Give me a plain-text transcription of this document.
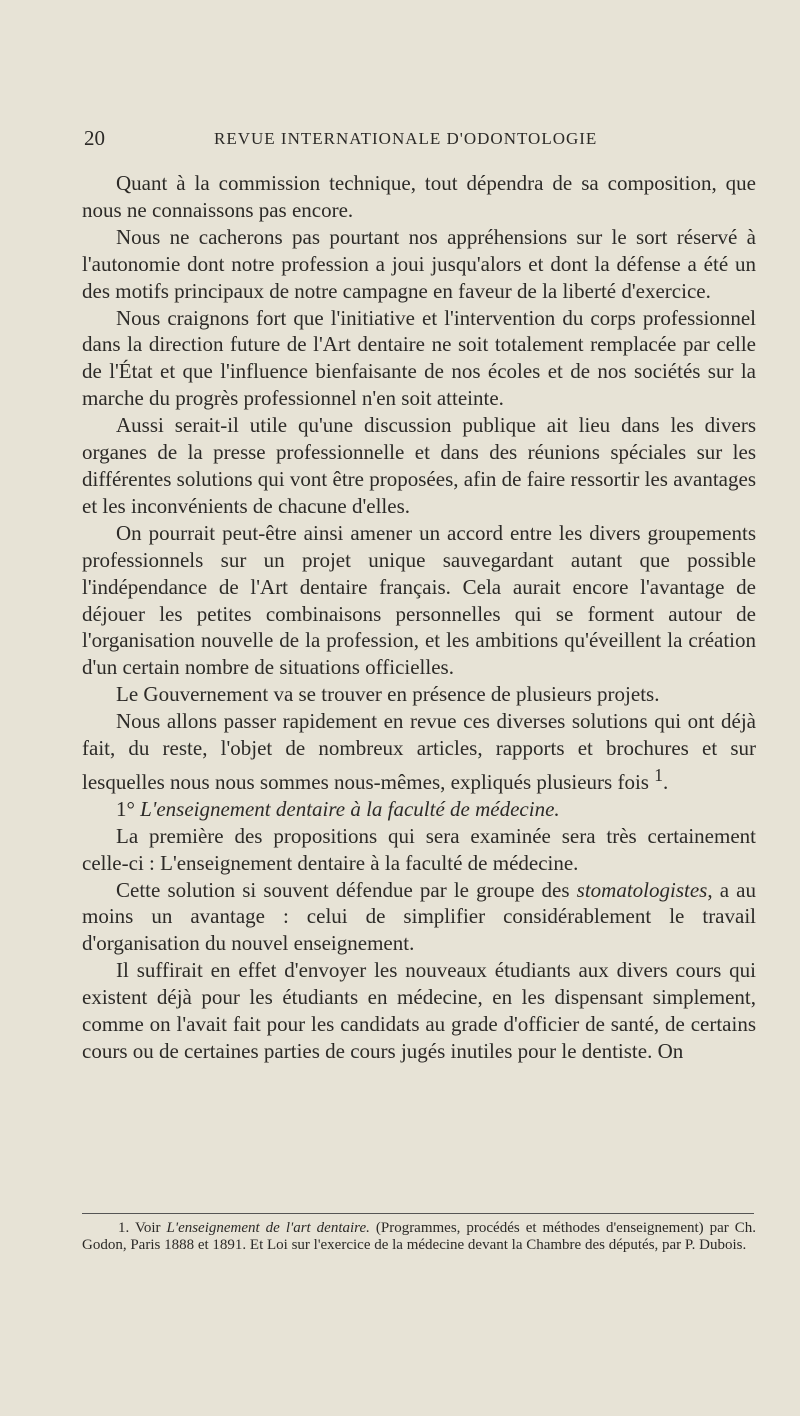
20	REVUE INTERNATIONALE D'ODONTOLOGIE

Quant à la commission technique, tout dépendra de sa composition, que nous ne connaissons pas encore.

Nous ne cacherons pas pourtant nos appréhensions sur le sort réservé à l'autonomie dont notre profession a joui jusqu'alors et dont la défense a été un des motifs principaux de notre campagne en faveur de la liberté d'exercice.

Nous craignons fort que l'initiative et l'intervention du corps professionnel dans la direction future de l'Art dentaire ne soit totalement remplacée par celle de l'État et que l'influence bienfaisante de nos écoles et de nos sociétés sur la marche du progrès professionnel n'en soit atteinte.

Aussi serait-il utile qu'une discussion publique ait lieu dans les divers organes de la presse professionnelle et dans des réunions spéciales sur les différentes solutions qui vont être proposées, afin de faire ressortir les avantages et les inconvénients de chacune d'elles.

On pourrait peut-être ainsi amener un accord entre les divers groupements professionnels sur un projet unique sauvegardant autant que possible l'indépendance de l'Art dentaire français. Cela aurait encore l'avantage de déjouer les petites combinaisons personnelles qui se forment autour de l'organisation nouvelle de la profession, et les ambitions qu'éveillent la création d'un certain nombre de situations officielles.

Le Gouvernement va se trouver en présence de plusieurs projets.

Nous allons passer rapidement en revue ces diverses solutions qui ont déjà fait, du reste, l'objet de nombreux articles, rapports et brochures et sur lesquelles nous nous sommes nous-mêmes, expliqués plusieurs fois $^1$.

1° L'enseignement dentaire à la faculté de médecine.

La première des propositions qui sera examinée sera très certainement celle-ci : L'enseignement dentaire à la faculté de médecine.

Cette solution si souvent défendue par le groupe des stomatologistes, a au moins un avantage : celui de simplifier considérablement le travail d'organisation du nouvel enseignement.

Il suffirait en effet d'envoyer les nouveaux étudiants aux divers cours qui existent déjà pour les étudiants en médecine, en les dispensant simplement, comme on l'avait fait pour les candidats au grade d'officier de santé, de certains cours ou de certaines parties de cours jugés inutiles pour le dentiste. On

1. Voir L'enseignement de l'art dentaire. (Programmes, procédés et méthodes d'enseignement) par Ch. Godon, Paris 1888 et 1891. Et Loi sur l'exercice de la médecine devant la Chambre des députés, par P. Dubois.
